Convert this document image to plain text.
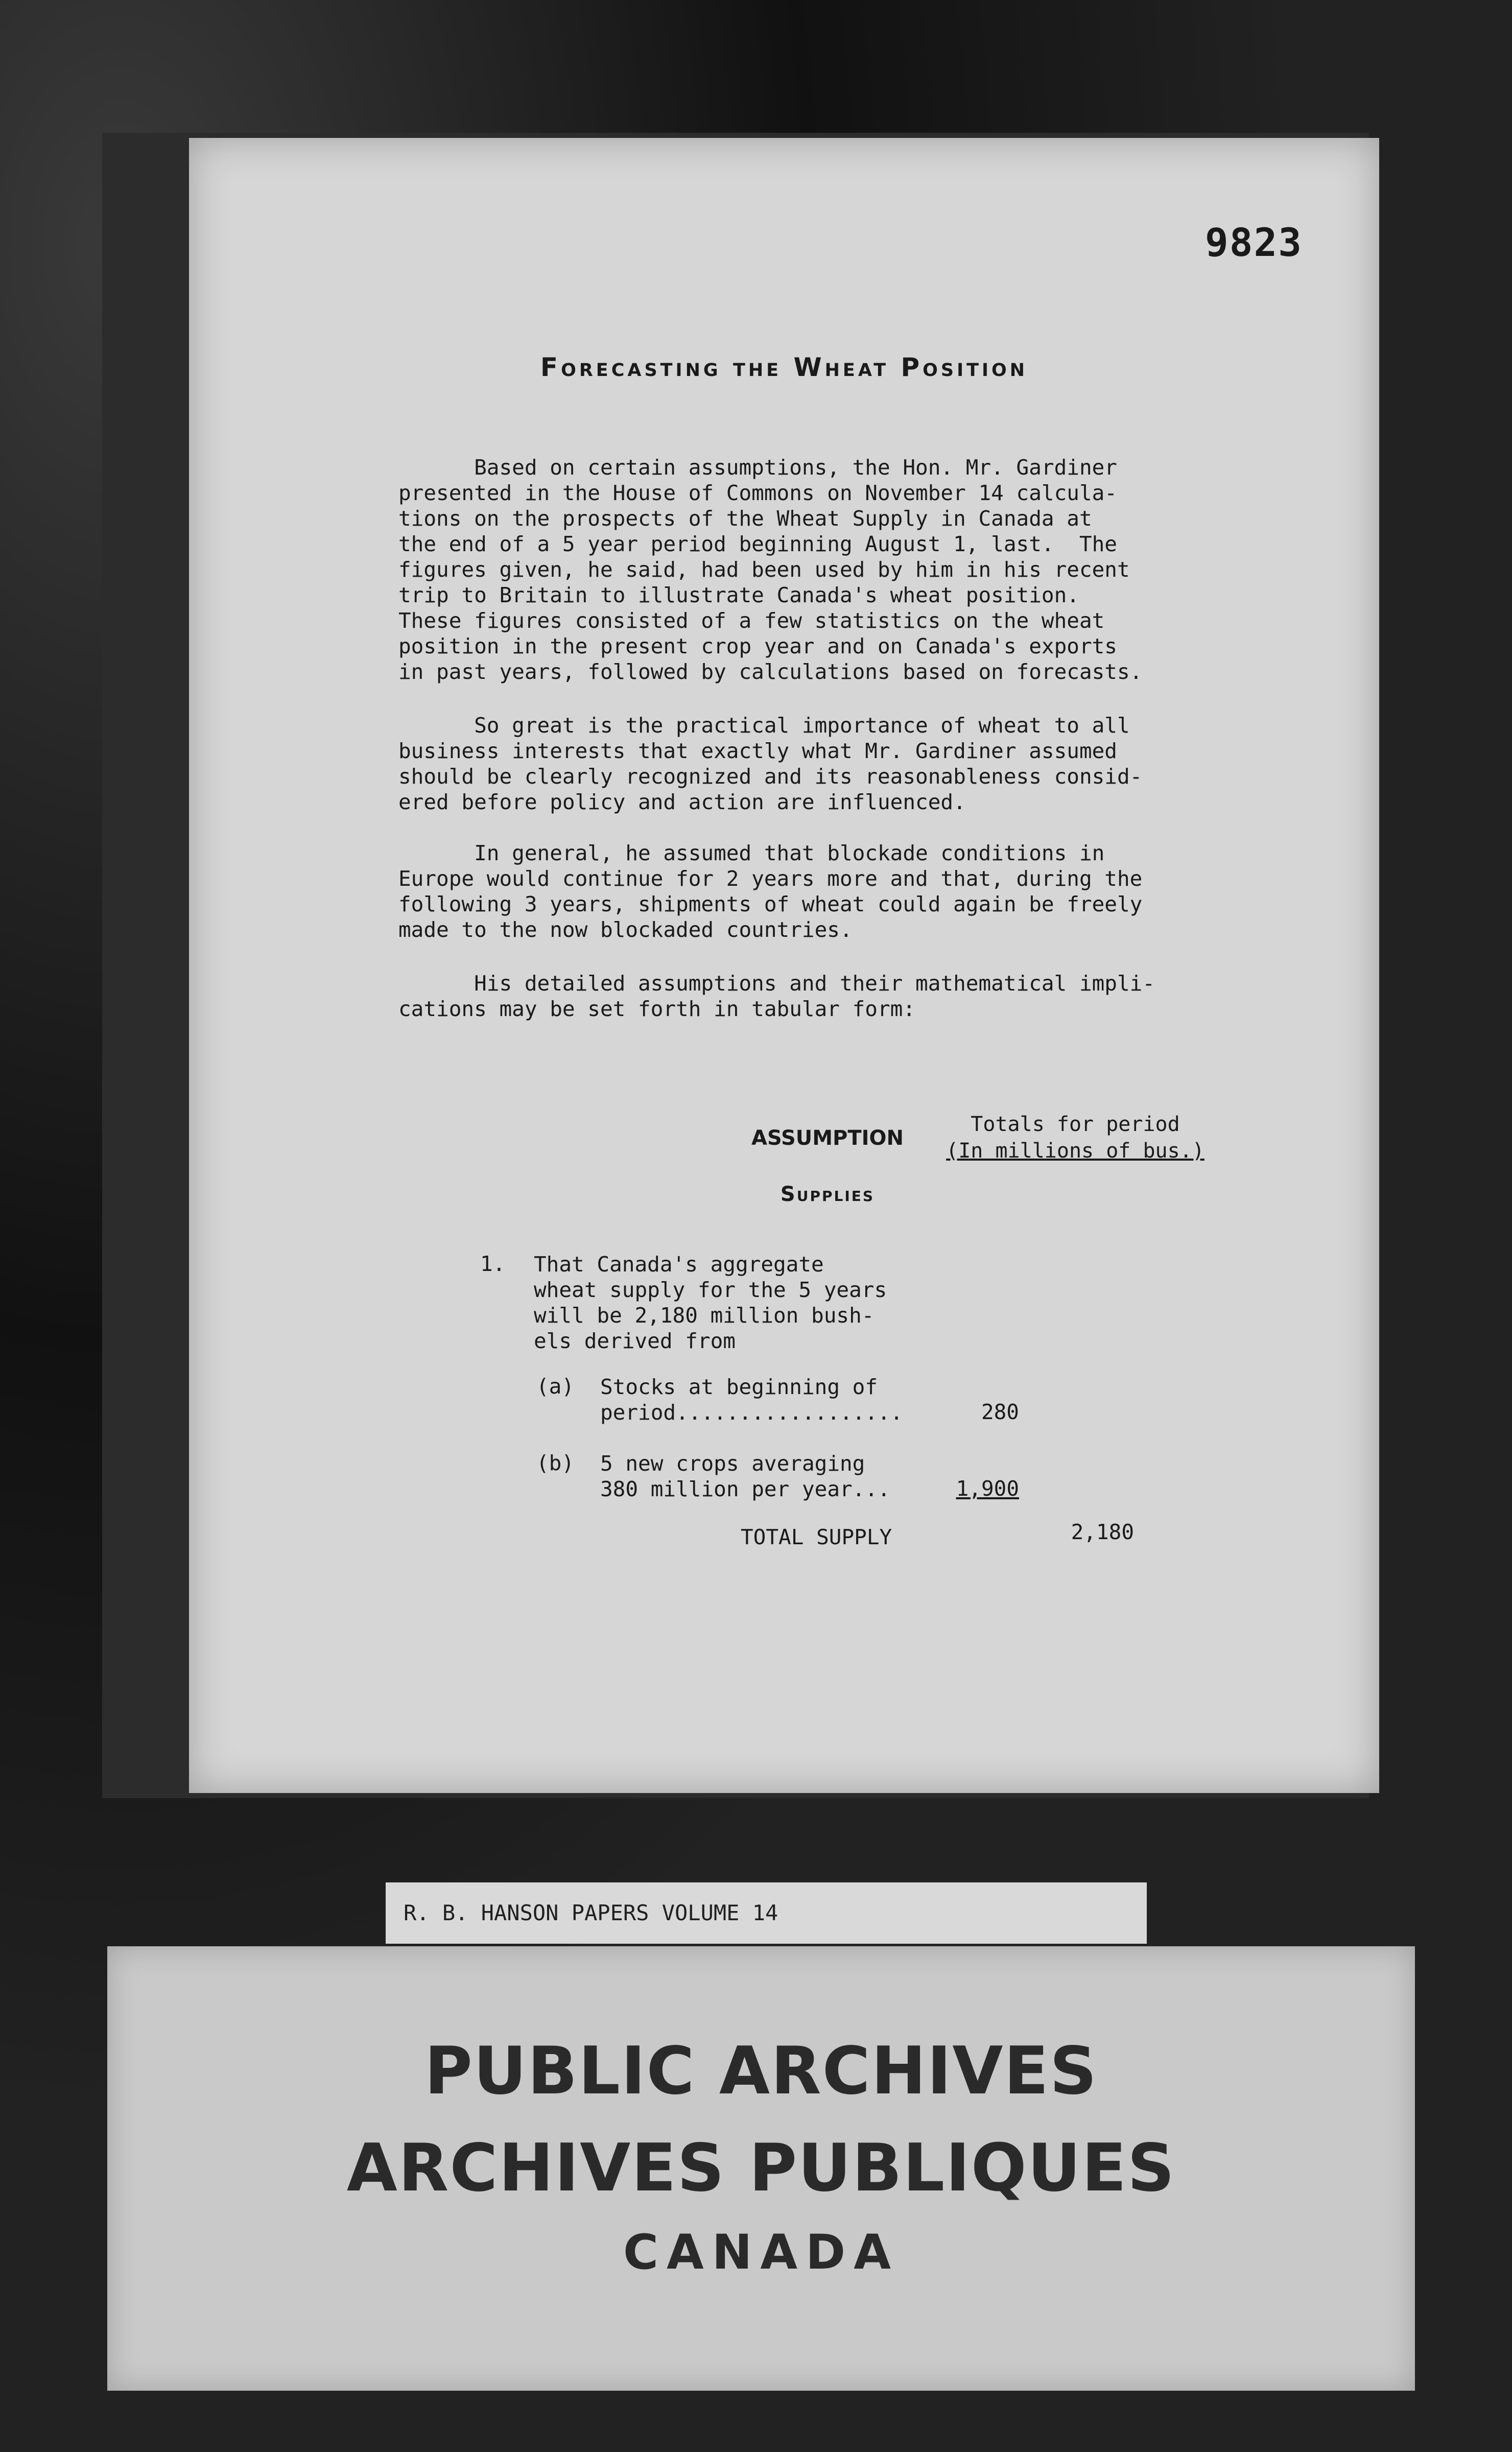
9823
Forecasting the Wheat Position
Based on certain assumptions, the Hon. Mr. Gardiner
presented in the House of Commons on November 14 calcula-
tions on the prospects of the Wheat Supply in Canada at
the end of a 5 year period beginning August 1, last.  The
figures given, he said, had been used by him in his recent
trip to Britain to illustrate Canada's wheat position.
These figures consisted of a few statistics on the wheat
position in the present crop year and on Canada's exports
in past years, followed by calculations based on forecasts.
So great is the practical importance of wheat to all
business interests that exactly what Mr. Gardiner assumed
should be clearly recognized and its reasonableness consid-
ered before policy and action are influenced.
In general, he assumed that blockade conditions in
Europe would continue for 2 years more and that, during the
following 3 years, shipments of wheat could again be freely
made to the now blockaded countries.
His detailed assumptions and their mathematical impli-
cations may be set forth in tabular form:
ASSUMPTION
Totals for period
(In millions of bus.)
Supplies
1. That Canada's aggregate
wheat supply for the 5 years
will be 2,180 million bush-
els derived from
(a) Stocks at beginning of
period..................	280
(b) 5 new crops averaging
380 million per year...	1,900
TOTAL SUPPLY	2,180
R. B. HANSON PAPERS VOLUME 14
PUBLIC ARCHIVES
ARCHIVES PUBLIQUES
CANADA
